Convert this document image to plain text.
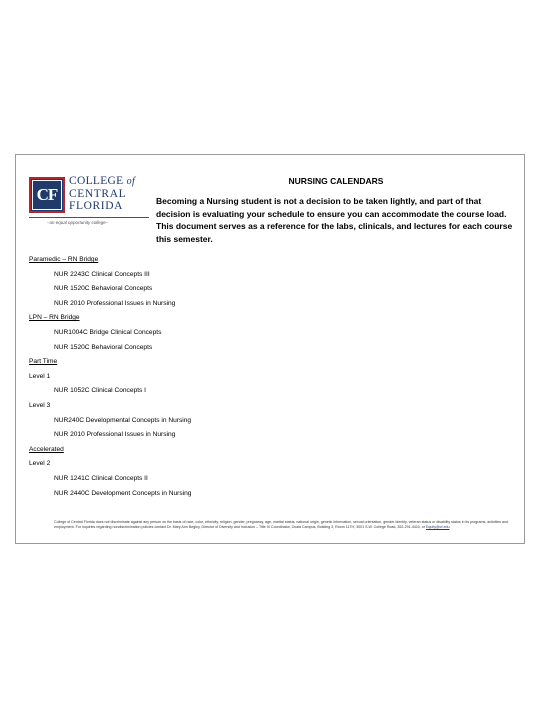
CF
COLLEGE of
CENTRAL
FLORIDA
–an equal opportunity college–
NURSING CALENDARS

Becoming a Nursing student is not a decision to be taken lightly, and part of that decision is evaluating your schedule to ensure you can accommodate the course load. This document serves as a reference for the labs, clinicals, and lectures for each course this semester.

Paramedic – RN Bridge
NUR 2243C Clinical Concepts III
NUR 1520C Behavioral Concepts
NUR 2010 Professional Issues in Nursing
LPN – RN Bridge
NUR1004C Bridge Clinical Concepts
NUR 1520C Behavioral Concepts
Part Time
Level 1
NUR 1052C Clinical Concepts I
Level 3
NUR240C Developmental Concepts in Nursing
NUR 2010 Professional Issues in Nursing
Accelerated
Level 2
NUR 1241C Clinical Concepts II
NUR 2440C Development Concepts in Nursing

College of Central Florida does not discriminate against any person on the basis of race, color, ethnicity, religion, gender, pregnancy, age, marital status, national origin, genetic information, sexual orientation, gender identity, veteran status or disability status in its programs, activities and employment. For inquiries regarding nondiscrimination policies contact Dr. Mary Ann Begley, Director of Diversity and Inclusion – Title IX Coordinator, Ocala Campus, Building 3, Room 117H, 3001 S.W. College Road, 352-291-4410, or Equity@cf.edu.
